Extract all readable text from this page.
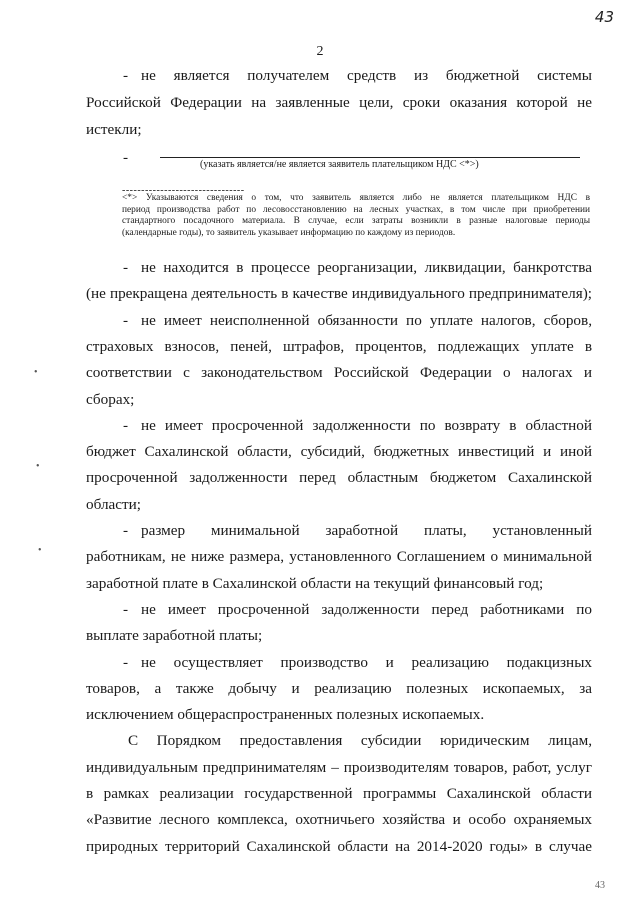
43
2
- не является получателем средств из бюджетной системы
Российской Федерации на заявленные цели, сроки оказания которой не
истекли;
-	(указать является/не является заявитель плательщиком НДС <*>)
--------------------------------
<*> Указываются сведения о том, что заявитель является либо не является плательщиком НДС в
период производства работ по лесовосстановлению на лесных участках, в том числе при приобретении
стандартного посадочного материала. В случае, если затраты возникли в разные налоговые периоды
(календарные годы), то заявитель указывает информацию по каждому из периодов.
- не находится в процессе реорганизации, ликвидации, банкротства
(не прекращена деятельность в качестве индивидуального предпринимателя);
- не имеет неисполненной обязанности по уплате налогов, сборов,
страховых взносов, пеней, штрафов, процентов, подлежащих уплате в
соответствии с законодательством Российской Федерации о налогах и
сборах;
- не имеет просроченной задолженности по возврату в областной
бюджет Сахалинской области, субсидий, бюджетных инвестиций и иной
просроченной задолженности перед областным бюджетом Сахалинской
области;
- размер минимальной заработной платы, установленный
работникам, не ниже размера, установленного Соглашением о минимальной
заработной плате в Сахалинской области на текущий финансовый год;
- не имеет просроченной задолженности перед работниками по
выплате заработной платы;
- не осуществляет производство и реализацию подакцизных
товаров, а также добычу и реализацию полезных ископаемых, за
исключением общераспространенных полезных ископаемых.
С Порядком предоставления субсидии юридическим лицам,
индивидуальным предпринимателям – производителям товаров, работ, услуг
в рамках реализации государственной программы Сахалинской области
«Развитие лесного комплекса, охотничьего хозяйства и особо охраняемых
природных территорий Сахалинской области на 2014-2020 годы» в случае
•
•
•
43
